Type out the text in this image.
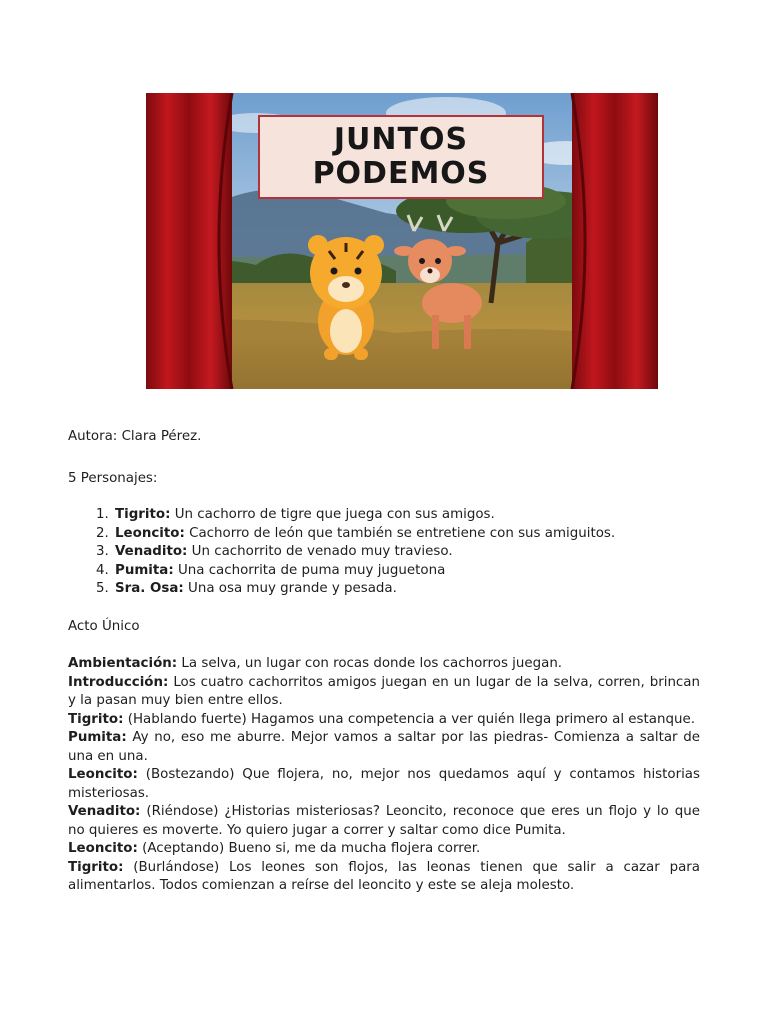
JUNTOS
PODEMOS

Autora: Clara Pérez.

5 Personajes:

1. Tigrito: Un cachorro de tigre que juega con sus amigos.
2. Leoncito: Cachorro de león que también se entretiene con sus amiguitos.
3. Venadito: Un cachorrito de venado muy travieso.
4. Pumita: Una cachorrita de puma muy juguetona
5. Sra. Osa: Una osa muy grande y pesada.

Acto Único

Ambientación: La selva, un lugar con rocas donde los cachorros juegan.

Introducción: Los cuatro cachorritos amigos juegan en un lugar de la selva, corren, brincan y la pasan muy bien entre ellos.

Tigrito: (Hablando fuerte) Hagamos una competencia a ver quién llega primero al estanque.

Pumita: Ay no, eso me aburre. Mejor vamos a saltar por las piedras- Comienza a saltar de una en una.

Leoncito: (Bostezando) Que flojera, no, mejor nos quedamos aquí y contamos historias misteriosas.

Venadito: (Riéndose) ¿Historias misteriosas? Leoncito, reconoce que eres un flojo y lo que no quieres es moverte. Yo quiero jugar a correr y saltar como dice Pumita.

Leoncito: (Aceptando) Bueno si, me da mucha flojera correr.

Tigrito: (Burlándose) Los leones son flojos, las leonas tienen que salir a cazar para alimentarlos. Todos comienzan a reírse del leoncito y este se aleja molesto.
